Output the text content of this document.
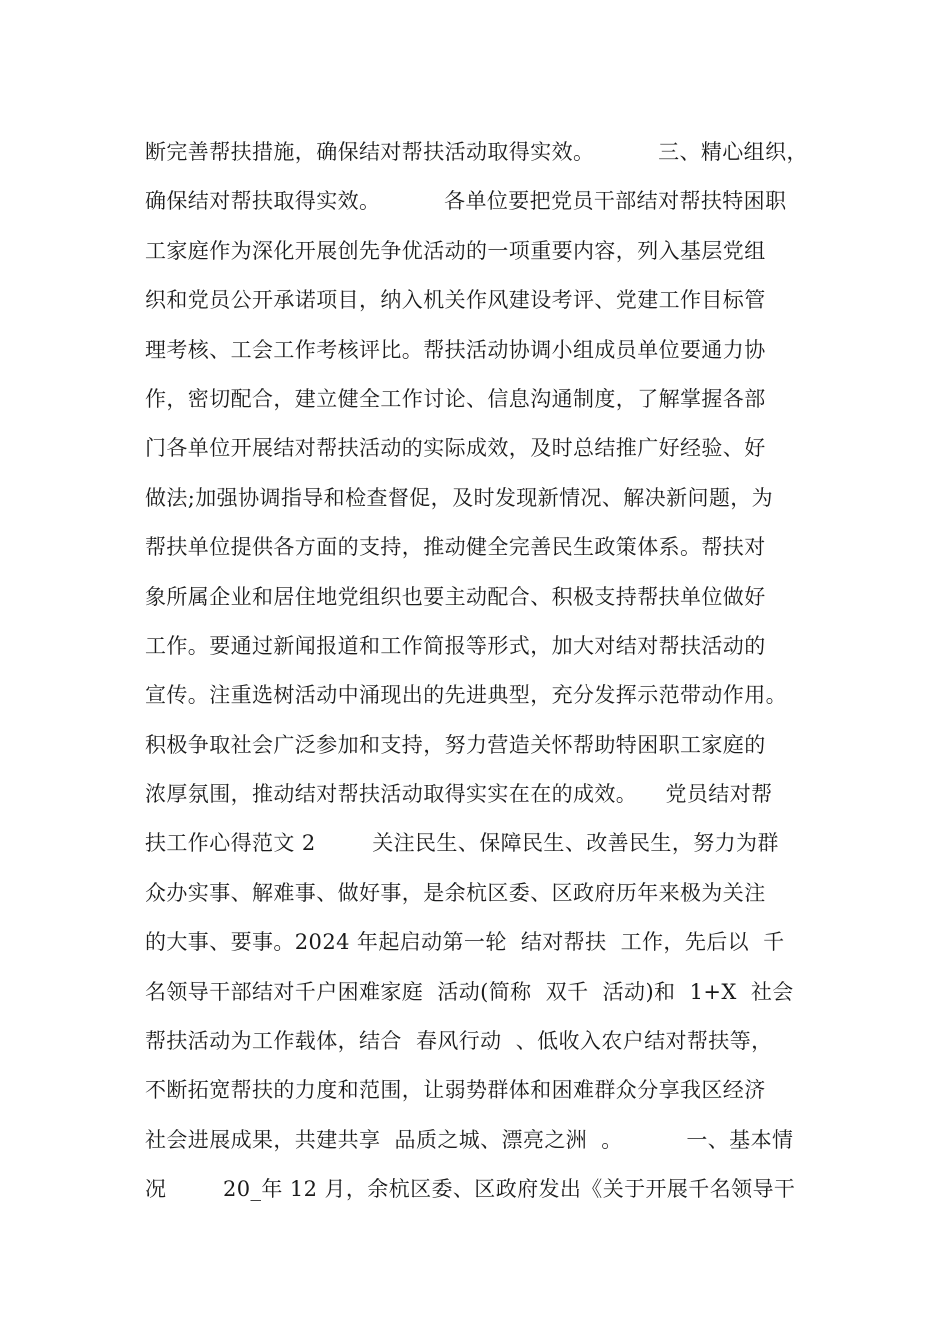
断完善帮扶措施，确保结对帮扶活动取得实效。         三、精心组织，
确保结对帮扶取得实效。         各单位要把党员干部结对帮扶特困职
工家庭作为深化开展创先争优活动的一项重要内容，列入基层党组
织和党员公开承诺项目，纳入机关作风建设考评、党建工作目标管
理考核、工会工作考核评比。帮扶活动协调小组成员单位要通力协
作，密切配合，建立健全工作讨论、信息沟通制度，了解掌握各部
门各单位开展结对帮扶活动的实际成效，及时总结推广好经验、好
做法;加强协调指导和检查督促，及时发现新情况、解决新问题，为
帮扶单位提供各方面的支持，推动健全完善民生政策体系。帮扶对
象所属企业和居住地党组织也要主动配合、积极支持帮扶单位做好
工作。要通过新闻报道和工作简报等形式，加大对结对帮扶活动的
宣传。注重选树活动中涌现出的先进典型，充分发挥示范带动作用。
积极争取社会广泛参加和支持，努力营造关怀帮助特困职工家庭的
浓厚氛围，推动结对帮扶活动取得实实在在的成效。    党员结对帮
扶工作心得范文 2        关注民生、保障民生、改善民生，努力为群
众办实事、解难事、做好事，是余杭区委、区政府历年来极为关注
的大事、要事。2024 年起启动第一轮  结对帮扶  工作，先后以  千
名领导干部结对千户困难家庭  活动(简称  双千  活动)和  1+X  社会
帮扶活动为工作载体，结合  春风行动  、低收入农户结对帮扶等，
不断拓宽帮扶的力度和范围，让弱势群体和困难群众分享我区经济
社会进展成果，共建共享  品质之城、漂亮之洲  。         一、基本情
况        20_年 12 月，余杭区委、区政府发出《关于开展千名领导干
